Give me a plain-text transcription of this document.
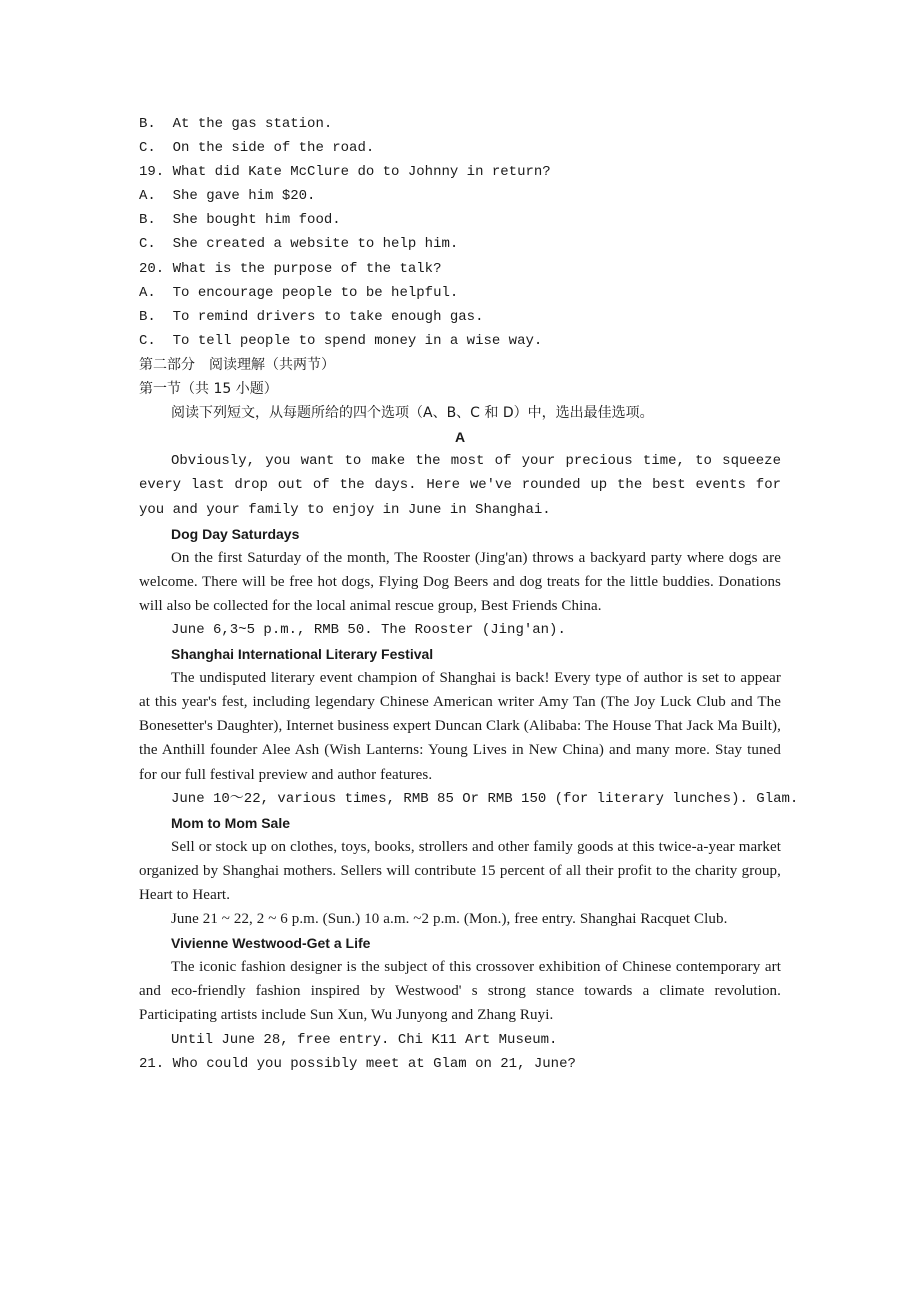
B. At the gas station.
C. On the side of the road.
19. What did Kate McClure do to Johnny in return?
A. She gave him $20.
B. She bought him food.
C. She created a website to help him.
20. What is the purpose of the talk?
A. To encourage people to be helpful.
B. To remind drivers to take enough gas.
C. To tell people to spend money in a wise way.
第二部分　阅读理解（共两节）
第一节（共 15 小题）
阅读下列短文，从每题所给的四个选项（A、B、C 和 D）中，选出最佳选项。
A
Obviously, you want to make the most of your precious time, to squeeze every last drop out of the days. Here we've rounded up the best events for you and your family to enjoy in June in Shanghai.
Dog Day Saturdays
On the first Saturday of the month, The Rooster (Jing'an) throws a backyard party where dogs are welcome. There will be free hot dogs, Flying Dog Beers and dog treats for the little buddies. Donations will also be collected for the local animal rescue group, Best Friends China.
June 6,3~5 p.m., RMB 50. The Rooster (Jing'an).
Shanghai International Literary Festival
The undisputed literary event champion of Shanghai is back! Every type of author is set to appear at this year's fest, including legendary Chinese American writer Amy Tan (The Joy Luck Club and The Bonesetter's Daughter), Internet business expert Duncan Clark (Alibaba: The House That Jack Ma Built), the Anthill founder Alee Ash (Wish Lanterns: Young Lives in New China) and many more. Stay tuned for our full festival preview and author features.
June 10～22, various times, RMB 85 Or RMB 150 (for literary lunches). Glam.
Mom to Mom Sale
Sell or stock up on clothes, toys, books, strollers and other family goods at this twice-a-year market organized by Shanghai mothers. Sellers will contribute 15 percent of all their profit to the charity group, Heart to Heart.
June 21 ~ 22, 2 ~ 6 p.m. (Sun.) 10 a.m. ~2 p.m. (Mon.), free entry. Shanghai Racquet Club.
Vivienne Westwood-Get a Life
The iconic fashion designer is the subject of this crossover exhibition of Chinese contemporary art and eco-friendly fashion inspired by Westwood' s strong stance towards a climate revolution. Participating artists include Sun Xun, Wu Junyong and Zhang Ruyi.
Until June 28, free entry. Chi K11 Art Museum.
21. Who could you possibly meet at Glam on 21, June?
